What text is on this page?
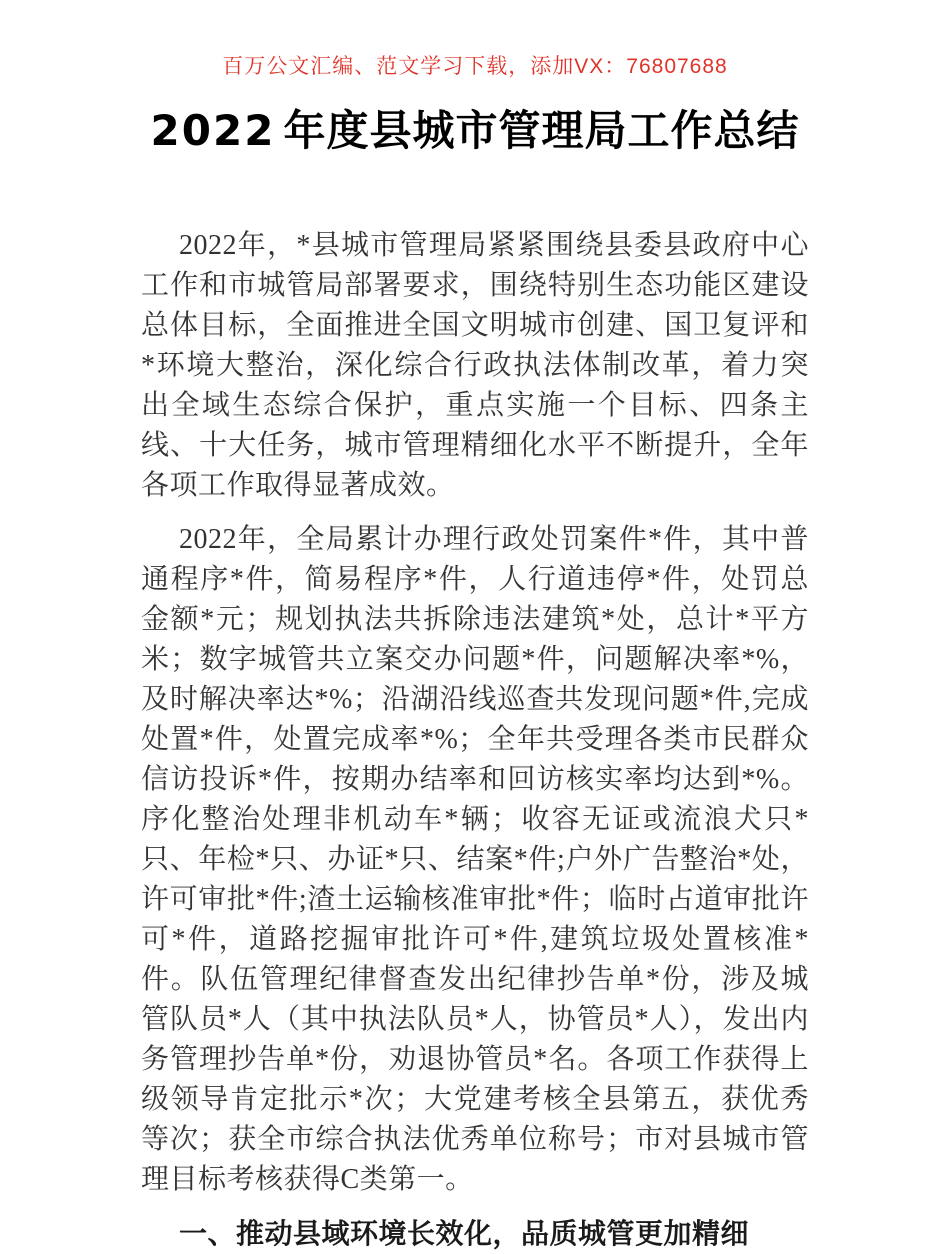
百万公文汇编、范文学习下载，添加VX：76807688
2022 年度县城市管理局工作总结

2022年，*县城市管理局紧紧围绕县委县政府中心工作和市城管局部署要求，围绕特别生态功能区建设总体目标，全面推进全国文明城市创建、国卫复评和*环境大整治，深化综合行政执法体制改革，着力突出全域生态综合保护，重点实施一个目标、四条主线、十大任务，城市管理精细化水平不断提升，全年各项工作取得显著成效。

2022年，全局累计办理行政处罚案件*件，其中普通程序*件，简易程序*件，人行道违停*件，处罚总金额*元；规划执法共拆除违法建筑*处，总计*平方米；数字城管共立案交办问题*件，问题解决率*%，及时解决率达*%；沿湖沿线巡查共发现问题*件,完成处置*件，处置完成率*%；全年共受理各类市民群众信访投诉*件，按期办结率和回访核实率均达到*%。序化整治处理非机动车*辆；收容无证或流浪犬只*只、年检*只、办证*只、结案*件;户外广告整治*处，许可审批*件;渣土运输核准审批*件；临时占道审批许可*件，道路挖掘审批许可*件,建筑垃圾处置核准*件。队伍管理纪律督查发出纪律抄告单*份，涉及城管队员*人（其中执法队员*人，协管员*人），发出内务管理抄告单*份，劝退协管员*名。各项工作获得上级领导肯定批示*次；大党建考核全县第五，获优秀等次；获全市综合执法优秀单位称号；市对县城市管理目标考核获得C类第一。

一、推动县域环境长效化，品质城管更加精细
